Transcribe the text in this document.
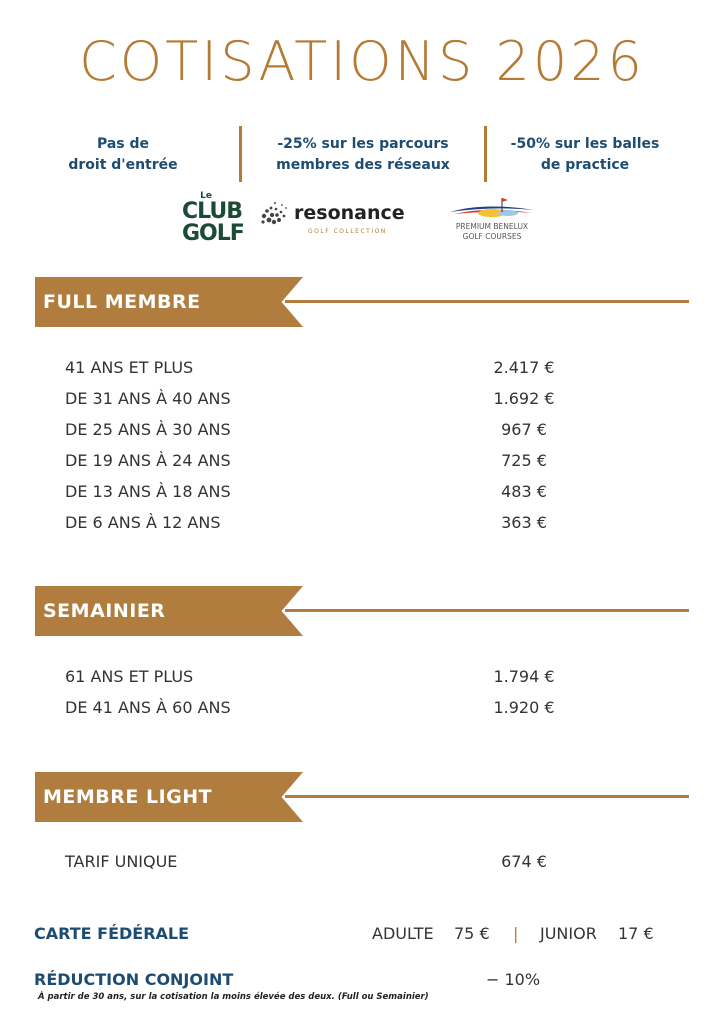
COTISATIONS 2026
Pas de
droit d'entrée
-25% sur les parcours
membres des réseaux
-50% sur les balles
de practice
Le
CLUB
GOLF
resonance
GOLF COLLECTION
PREMIUM BENELUX
GOLF COURSES
FULL MEMBRE
41 ANS ET PLUS	2.417 €
DE 31 ANS À 40 ANS	1.692 €
DE 25 ANS À 30 ANS	967 €
DE 19 ANS À 24 ANS	725 €
DE 13 ANS À 18 ANS	483 €
DE 6 ANS À 12 ANS	363 €
SEMAINIER
61 ANS ET PLUS	1.794 €
DE 41 ANS À 60 ANS	1.920 €
MEMBRE LIGHT
TARIF UNIQUE	674 €
CARTE FÉDÉRALE	ADULTE 75 € | JUNIOR 17 €
RÉDUCTION CONJOINT	− 10%
À partir de 30 ans, sur la cotisation la moins élevée des deux. (Full ou Semainier)
